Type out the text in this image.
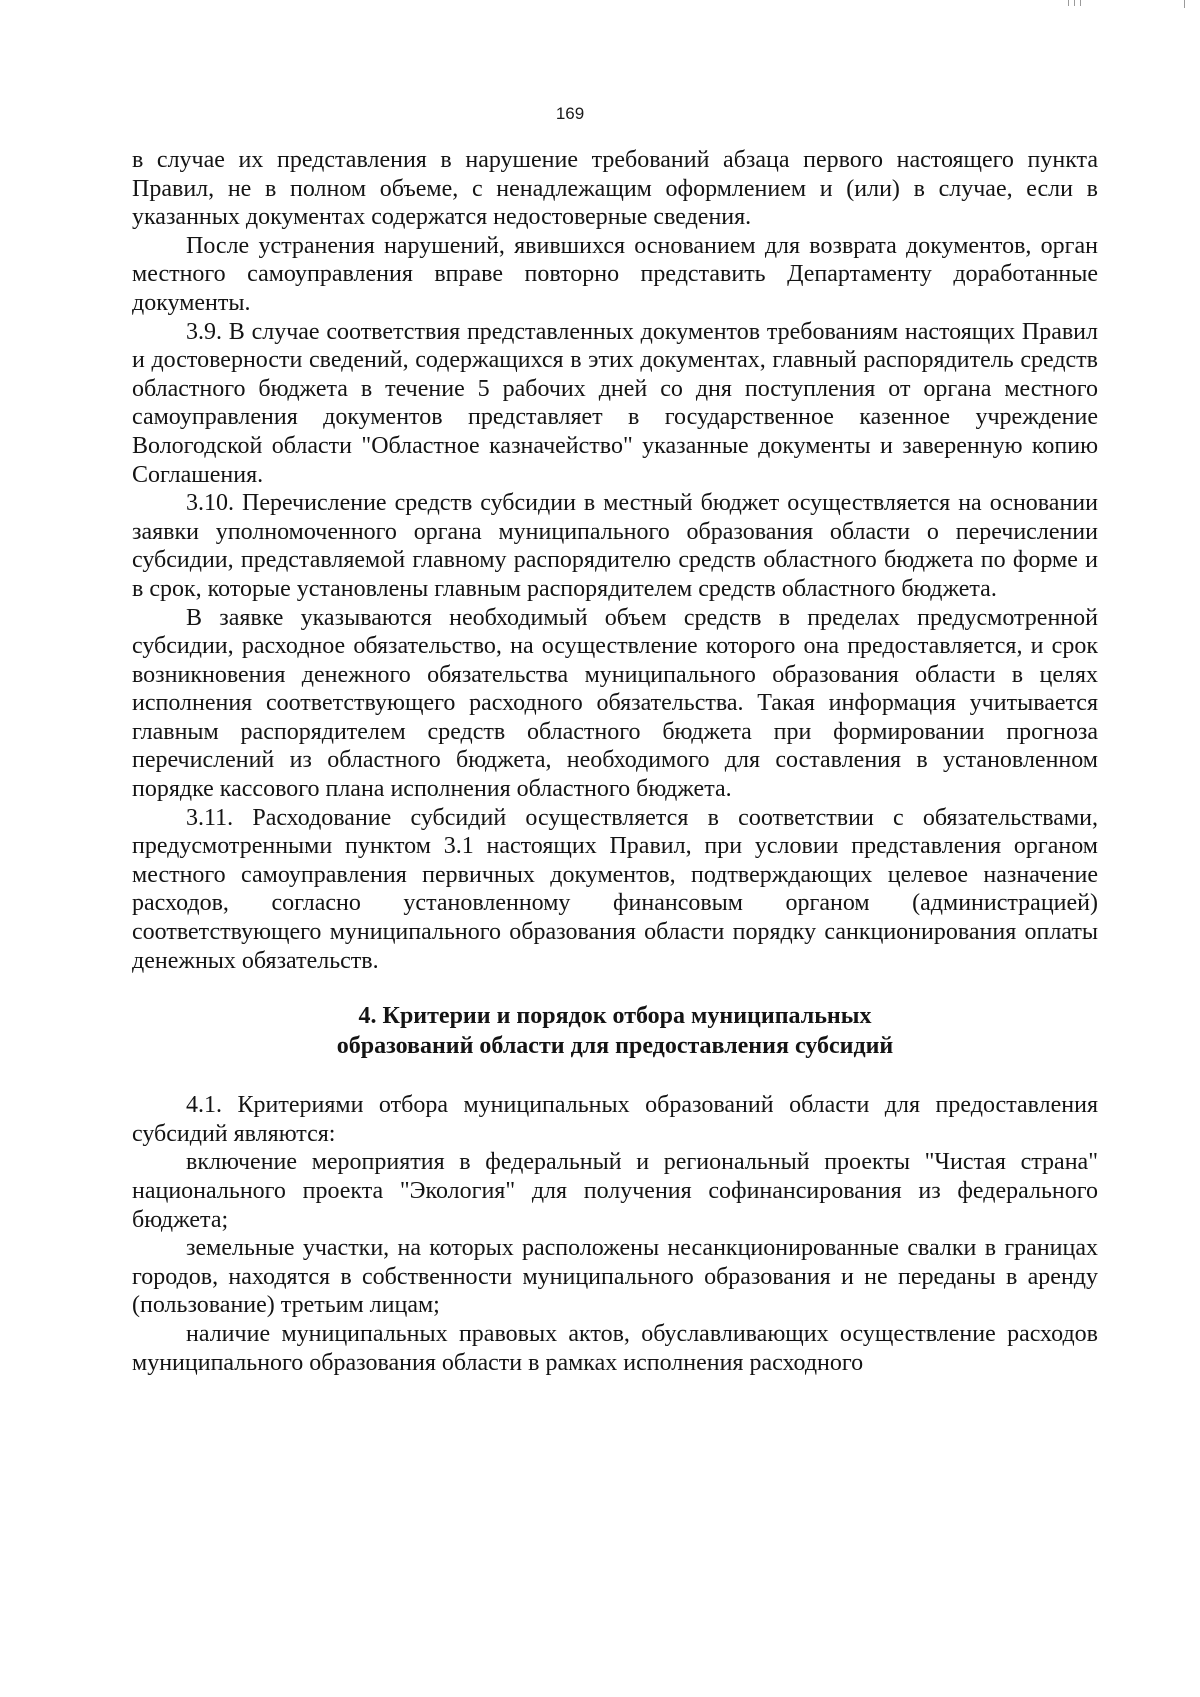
169

в случае их представления в нарушение требований абзаца первого настоящего пункта Правил, не в полном объеме, с ненадлежащим оформлением и (или) в случае, если в указанных документах содержатся недостоверные сведения.

После устранения нарушений, явившихся основанием для возврата документов, орган местного самоуправления вправе повторно представить Департаменту доработанные документы.

3.9. В случае соответствия представленных документов требованиям настоящих Правил и достоверности сведений, содержащихся в этих документах, главный распорядитель средств областного бюджета в течение 5 рабочих дней со дня поступления от органа местного самоуправления документов представляет в государственное казенное учреждение Вологодской области "Областное казначейство" указанные документы и заверенную копию Соглашения.

3.10. Перечисление средств субсидии в местный бюджет осуществляется на основании заявки уполномоченного органа муниципального образования области о перечислении субсидии, представляемой главному распорядителю средств областного бюджета по форме и в срок, которые установлены главным распорядителем средств областного бюджета.

В заявке указываются необходимый объем средств в пределах предусмотренной субсидии, расходное обязательство, на осуществление которого она предоставляется, и срок возникновения денежного обязательства муниципального образования области в целях исполнения соответствующего расходного обязательства. Такая информация учитывается главным распорядителем средств областного бюджета при формировании прогноза перечислений из областного бюджета, необходимого для составления в установленном порядке кассового плана исполнения областного бюджета.

3.11. Расходование субсидий осуществляется в соответствии с обязательствами, предусмотренными пунктом 3.1 настоящих Правил, при условии представления органом местного самоуправления первичных документов, подтверждающих целевое назначение расходов, согласно установленному финансовым органом (администрацией) соответствующего муниципального образования области порядку санкционирования оплаты денежных обязательств.

4. Критерии и порядок отбора муниципальных
образований области для предоставления субсидий

4.1. Критериями отбора муниципальных образований области для предоставления субсидий являются:

включение мероприятия в федеральный и региональный проекты "Чистая страна" национального проекта "Экология" для получения софинансирования из федерального бюджета;

земельные участки, на которых расположены несанкционированные свалки в границах городов, находятся в собственности муниципального образования и не переданы в аренду (пользование) третьим лицам;

наличие муниципальных правовых актов, обуславливающих осуществление расходов муниципального образования области в рамках исполнения расходного
